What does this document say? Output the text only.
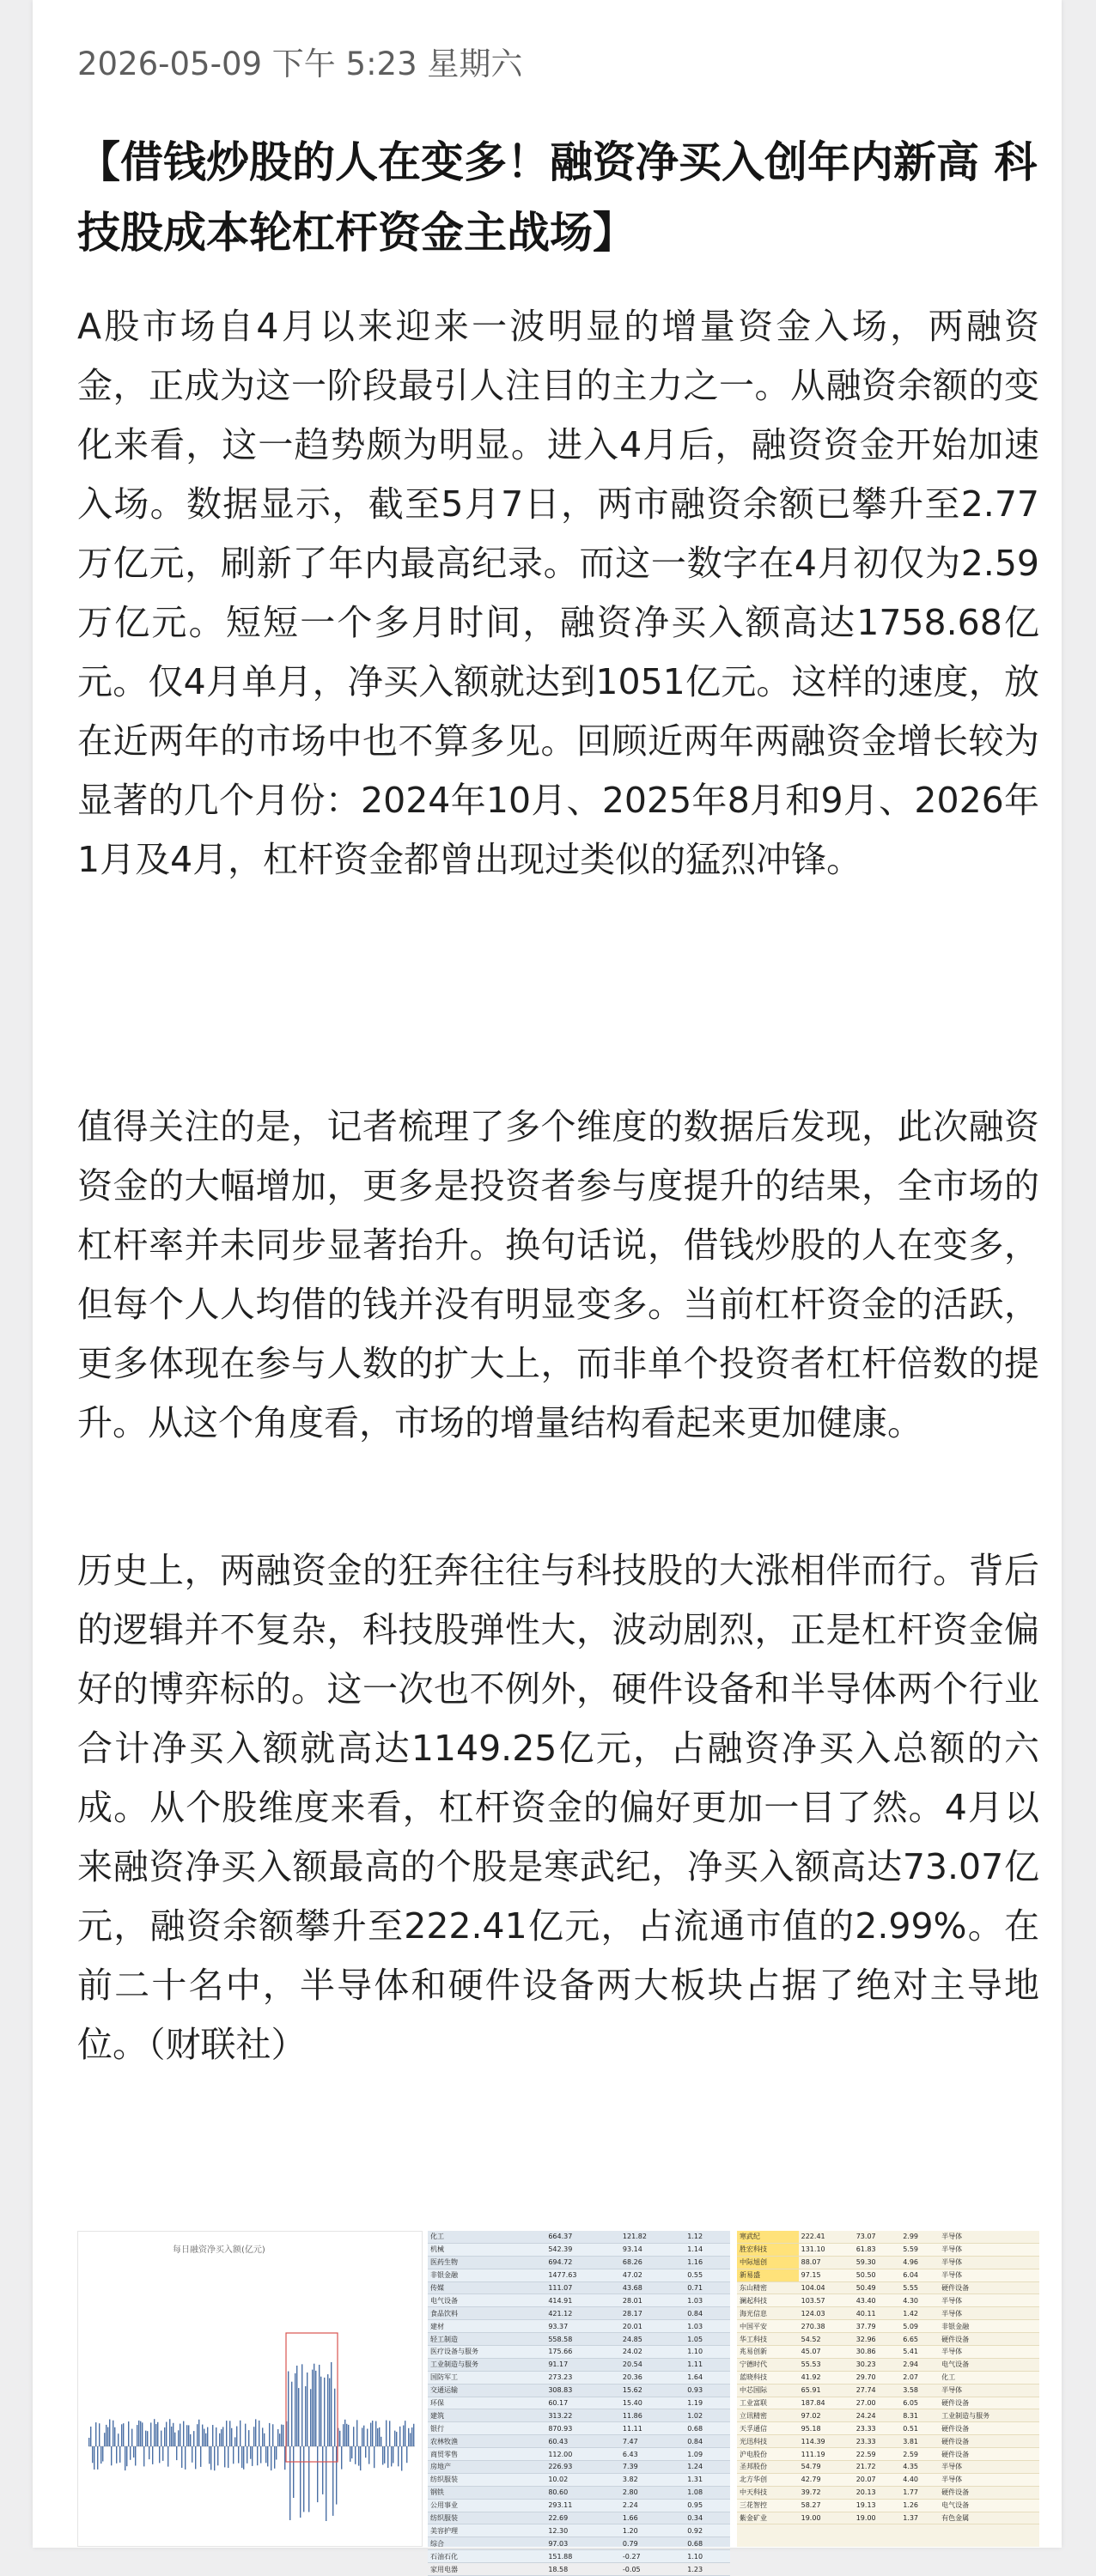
2026-05-09 下午 5:23 星期六
【借钱炒股的人在变多！融资净买入创年内新高 科技股成本轮杠杆资金主战场】

A股市场自4月以来迎来一波明显的增量资金入场，两融资金，正成为这一阶段最引人注目的主力之一。从融资余额的变化来看，这一趋势颇为明显。进入4月后，融资资金开始加速入场。数据显示，截至5月7日，两市融资余额已攀升至2.77万亿元，刷新了年内最高纪录。而这一数字在4月初仅为2.59万亿元。短短一个多月时间，融资净买入额高达1758.68亿元。仅4月单月，净买入额就达到1051亿元。这样的速度，放在近两年的市场中也不算多见。回顾近两年两融资金增长较为显著的几个月份：2024年10月、2025年8月和9月、2026年1月及4月，杠杆资金都曾出现过类似的猛烈冲锋。

值得关注的是，记者梳理了多个维度的数据后发现，此次融资资金的大幅增加，更多是投资者参与度提升的结果，全市场的杠杆率并未同步显著抬升。换句话说，借钱炒股的人在变多，但每个人人均借的钱并没有明显变多。当前杠杆资金的活跃，更多体现在参与人数的扩大上，而非单个投资者杠杆倍数的提升。从这个角度看，市场的增量结构看起来更加健康。

历史上，两融资金的狂奔往往与科技股的大涨相伴而行。背后的逻辑并不复杂，科技股弹性大，波动剧烈，正是杠杆资金偏好的博弈标的。这一次也不例外，硬件设备和半导体两个行业合计净买入额就高达1149.25亿元，占融资净买入总额的六成。从个股维度来看，杠杆资金的偏好更加一目了然。4月以来融资净买入额最高的个股是寒武纪，净买入额高达73.07亿元，融资余额攀升至222.41亿元，占流通市值的2.99%。在前二十名中，半导体和硬件设备两大板块占据了绝对主导地位。（财联社）

每日融资净买入额(亿元)
化工	664.37	121.82	1.12
机械	542.39	93.14	1.14
医药生物	694.72	68.26	1.16
非银金融	1477.63	47.02	0.55
传媒	111.07	43.68	0.71
电气设备	414.91	28.01	1.03
食品饮料	421.12	28.17	0.84
建材	93.37	20.01	1.03
轻工制造	558.58	24.85	1.05
医疗设备与服务	175.66	24.02	1.10
工业制造与服务	91.17	20.54	1.11
国防军工	273.23	20.36	1.64
交通运输	308.83	15.62	0.93
环保	60.17	15.40	1.19
建筑	313.22	11.86	1.02
银行	870.93	11.11	0.68
农林牧渔	60.43	7.47	0.84
商贸零售	112.00	6.43	1.09
房地产	226.93	7.39	1.24
纺织服装	10.02	3.82	1.31
钢铁	80.60	2.80	1.08
公用事业	293.11	2.24	0.95
纺织服装	22.69	1.66	0.34
美容护理	12.30	1.20	0.92
综合	97.03	0.79	0.68
石油石化	151.88	-0.27	1.10
家用电器	18.58	-0.05	1.23
寒武纪	222.41	73.07	2.99	半导体
胜宏科技	131.10	61.83	5.59	半导体
中际旭创	88.07	59.30	4.96	半导体
新易盛	97.15	50.50	6.04	半导体
东山精密	104.04	50.49	5.55	硬件设备
澜起科技	103.57	43.40	4.30	半导体
海光信息	124.03	40.11	1.42	半导体
中国平安	270.38	37.79	5.09	非银金融
华工科技	54.52	32.96	6.65	硬件设备
兆易创新	45.07	30.86	5.41	半导体
宁德时代	55.53	30.23	2.94	电气设备
蓝晓科技	41.92	29.70	2.07	化工
中芯国际	65.91	27.74	3.58	半导体
工业富联	187.84	27.00	6.05	硬件设备
立讯精密	97.02	24.24	8.31	工业制造与服务
天孚通信	95.18	23.33	0.51	硬件设备
光迅科技	114.39	23.33	3.81	硬件设备
沪电股份	111.19	22.59	2.59	硬件设备
圣邦股份	54.79	21.72	4.35	半导体
北方华创	42.79	20.07	4.40	半导体
中天科技	39.72	20.13	1.77	硬件设备
三花智控	58.27	19.13	1.26	电气设备
紫金矿业	19.00	19.00	1.37	有色金属
